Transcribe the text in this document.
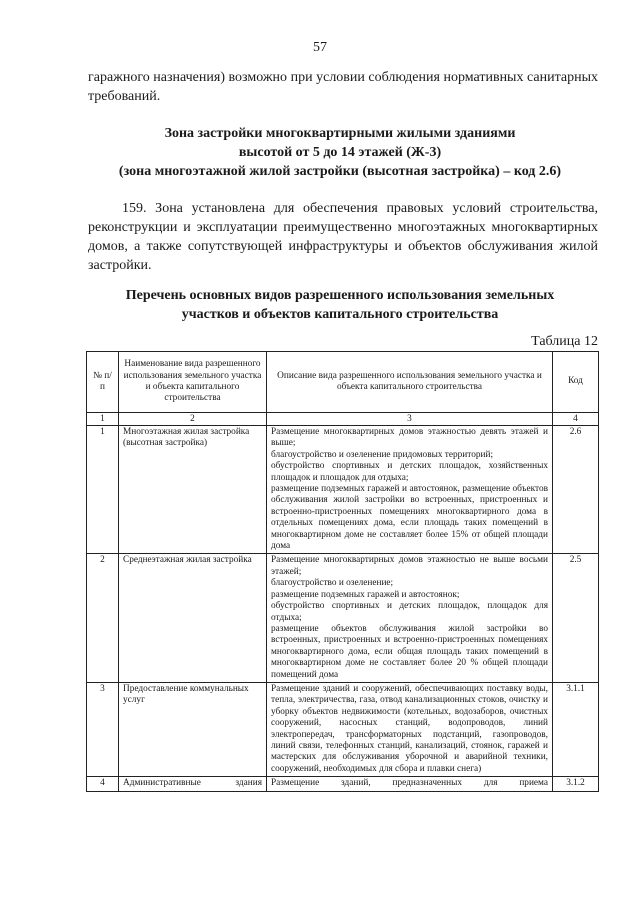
57
гаражного назначения) возможно при условии соблюдения нормативных санитарных требований.
Зона застройки многоквартирными жилыми зданиями
высотой от 5 до 14 этажей (Ж-3)
(зона многоэтажной жилой застройки (высотная застройка) – код 2.6)
159. Зона установлена для обеспечения правовых условий строительства, реконструкции и эксплуатации преимущественно многоэтажных многоквартирных домов, а также сопутствующей инфраструктуры и объектов обслуживания жилой застройки.
Перечень основных видов разрешенного использования земельных
участков и объектов капитального строительства
Таблица 12
№ п/п	Наименование вида разрешенного использования земельного участка и объекта капитального строительства	Описание вида разрешенного использования земельного участка и объекта капитального строительства	Код
1	2	3	4
1	Многоэтажная жилая застройка (высотная застройка)	Размещение многоквартирных домов этажностью девять этажей и выше;
благоустройство и озеленение придомовых территорий;
обустройство спортивных и детских площадок, хозяйственных площадок и площадок для отдыха;
размещение подземных гаражей и автостоянок, размещение объектов обслуживания жилой застройки во встроенных, пристроенных и встроенно-пристроенных помещениях многоквартирного дома в отдельных помещениях дома, если площадь таких помещений в многоквартирном доме не составляет более 15% от общей площади дома	2.6
2	Среднеэтажная жилая застройка	Размещение многоквартирных домов этажностью не выше восьми этажей;
благоустройство и озеленение;
размещение подземных гаражей и автостоянок;
обустройство спортивных и детских площадок, площадок для отдыха;
размещение объектов обслуживания жилой застройки во встроенных, пристроенных и встроенно-пристроенных помещениях многоквартирного дома, если общая площадь таких помещений в многоквартирном доме не составляет более 20 % общей площади помещений дома	2.5
3	Предоставление коммунальных услуг	Размещение зданий и сооружений, обеспечивающих поставку воды, тепла, электричества, газа, отвод канализационных стоков, очистку и уборку объектов недвижимости (котельных, водозаборов, очистных сооружений, насосных станций, водопроводов, линий электропередач, трансформаторных подстанций, газопроводов, линий связи, телефонных станций, канализаций, стоянок, гаражей и мастерских для обслуживания уборочной и аварийной техники, сооружений, необходимых для сбора и плавки снега)	3.1.1
4	Административные здания	Размещение зданий, предназначенных для приема	3.1.2
